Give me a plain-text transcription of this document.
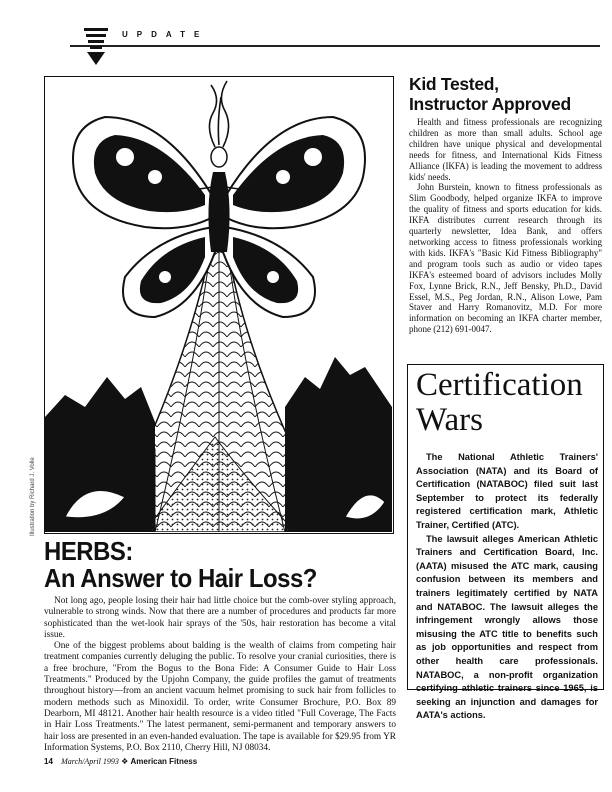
UPDATE
Illustration by Richard J. Volle
HERBS:
An Answer to Hair Loss?

Not long ago, people losing their hair had little choice but the comb-over styling approach, vulnerable to strong winds. Now that there are a number of procedures and products far more sophisticated than the wet-look hair sprays of the '50s, hair restoration has become a vital issue.

One of the biggest problems about balding is the wealth of claims from competing hair treatment companies currently deluging the public. To resolve your cranial curiosities, there is a free brochure, "From the Bogus to the Bona Fide: A Consumer Guide to Hair Loss Treatments." Produced by the Upjohn Company, the guide profiles the gamut of treatments throughout history—from an ancient vacuum helmet promising to suck hair from follicles to modern methods such as Minoxidil. To order, write Consumer Brochure, P.O. Box 89 Dearborn, MI 48121. Another hair health resource is a video titled "Full Coverage, The Facts in Hair Loss Treatments." The latest permanent, semi-permanent and temporary answers to hair loss are presented in an even-handed evaluation. The tape is available for $29.95 from YR Information Systems, P.O. Box 2110, Cherry Hill, NJ 08034.

Kid Tested,
Instructor Approved

Health and fitness professionals are recognizing children as more than small adults. School age children have unique physical and developmental needs for fitness, and International Kids Fitness Alliance (IKFA) is leading the movement to address kids' needs.

John Burstein, known to fitness professionals as Slim Goodbody, helped organize IKFA to improve the quality of fitness and sports education for kids. IKFA distributes current research through its quarterly newsletter, Idea Bank, and offers networking access to fitness professionals working with kids. IKFA's "Basic Kid Fitness Bibliography" and program tools such as audio or video tapes IKFA's esteemed board of advisors includes Molly Fox, Lynne Brick, R.N., Jeff Bensky, Ph.D., David Essel, M.S., Peg Jordan, R.N., Alison Lowe, Pam Staver and Harry Romanovitz, M.D. For more information on becoming an IKFA charter member, phone (212) 691-0047.

Certification
Wars

The National Athletic Trainers' Association (NATA) and its Board of Certification (NATABOC) filed suit last September to protect its federally registered certification mark, Athletic Trainer, Certified (ATC).

The lawsuit alleges American Athletic Trainers and Certification Board, Inc. (AATA) misused the ATC mark, causing confusion between its members and trainers legitimately certified by NATA and NATABOC. The lawsuit alleges the infringement wrongly allows those misusing the ATC title to benefits such as job opportunities and respect from other health care professionals. NATABOC, a non-profit organization certifying athletic trainers since 1965, is seeking an injunction and damages for AATA's actions.

14 March/April 1993 ❖ American Fitness
